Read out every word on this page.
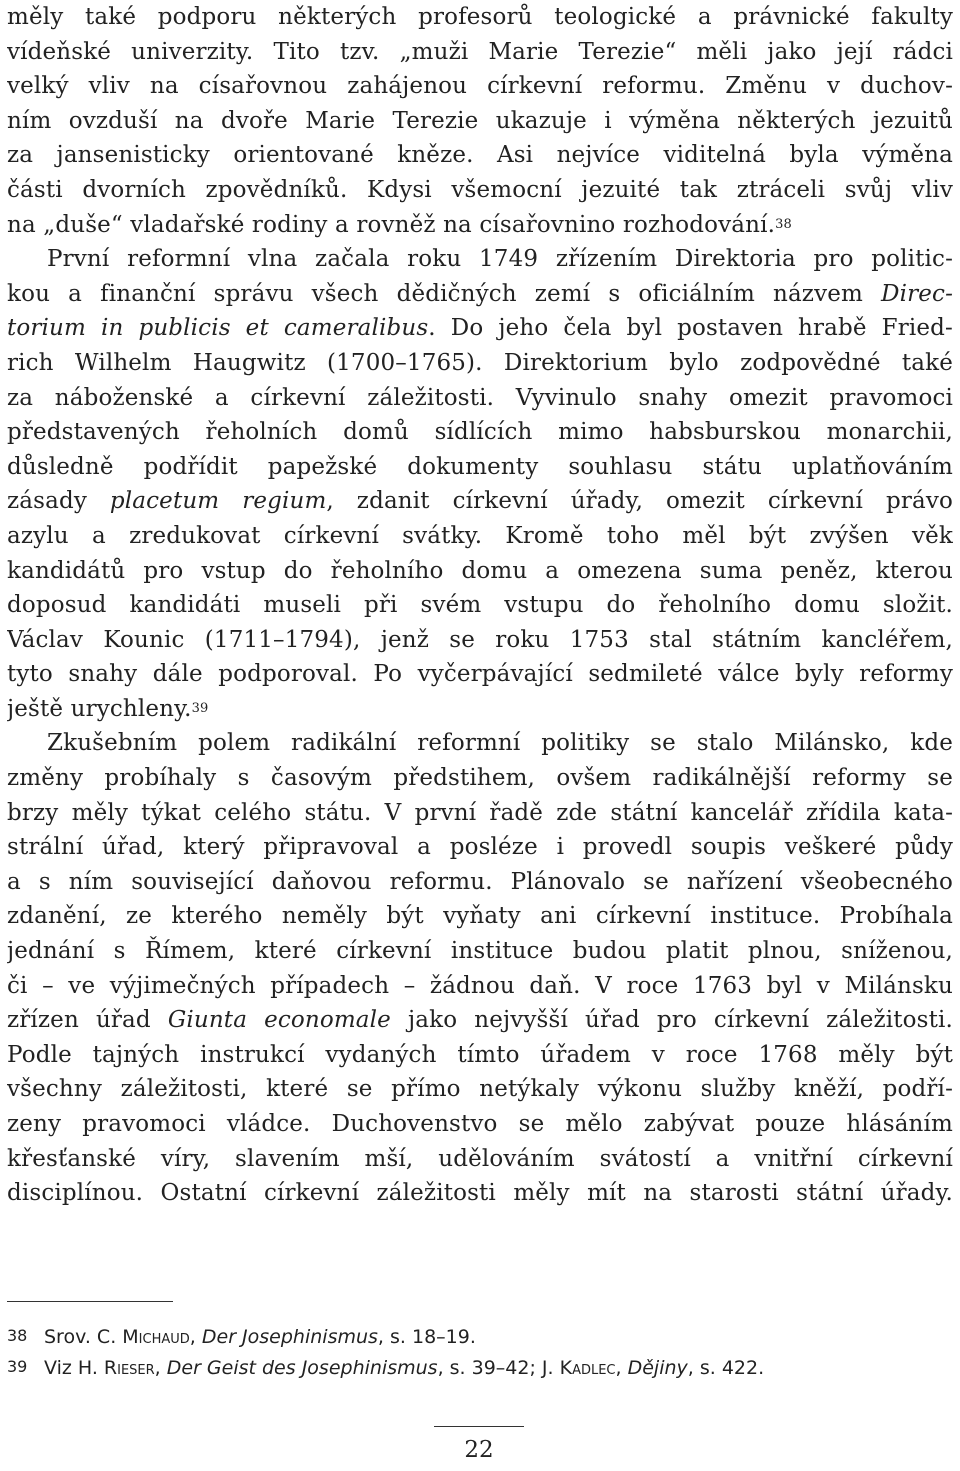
měly také podporu některých profesorů teologické a právnické fakulty
vídeňské univerzity. Tito tzv. „muži Marie Terezie“ měli jako její rádci
velký vliv na císařovnou zahájenou církevní reformu. Změnu v duchov-
ním ovzduší na dvoře Marie Terezie ukazuje i výměna některých jezuitů
za jansenisticky orientované kněze. Asi nejvíce viditelná byla výměna
části dvorních zpovědníků. Kdysi všemocní jezuité tak ztráceli svůj vliv
na „duše“ vladařské rodiny a rovněž na císařovnino rozhodování.$^{38}$
První reformní vlna začala roku 1749 zřízením Direktoria pro politic-
kou a finanční správu všech dědičných zemí s oficiálním názvem Direc-
torium in publicis et cameralibus. Do jeho čela byl postaven hrabě Fried-
rich Wilhelm Haugwitz (1700–1765). Direktorium bylo zodpovědné také
za náboženské a církevní záležitosti. Vyvinulo snahy omezit pravomoci
představených řeholních domů sídlících mimo habsburskou monarchii,
důsledně podřídit papežské dokumenty souhlasu státu uplatňováním
zásady placetum regium, zdanit církevní úřady, omezit církevní právo
azylu a zredukovat církevní svátky. Kromě toho měl být zvýšen věk
kandidátů pro vstup do řeholního domu a omezena suma peněz, kterou
doposud kandidáti museli při svém vstupu do řeholního domu složit.
Václav Kounic (1711–1794), jenž se roku 1753 stal státním kancléřem,
tyto snahy dále podporoval. Po vyčerpávající sedmileté válce byly reformy
ještě urychleny.$^{39}$
Zkušebním polem radikální reformní politiky se stalo Milánsko, kde
změny probíhaly s časovým předstihem, ovšem radikálnější reformy se
brzy měly týkat celého státu. V první řadě zde státní kancelář zřídila kata-
strální úřad, který připravoval a posléze i provedl soupis veškeré půdy
a s ním související daňovou reformu. Plánovalo se nařízení všeobecného
zdanění, ze kterého neměly být vyňaty ani církevní instituce. Probíhala
jednání s Římem, které církevní instituce budou platit plnou, sníženou,
či – ve výjimečných případech – žádnou daň. V roce 1763 byl v Milánsku
zřízen úřad Giunta economale jako nejvyšší úřad pro církevní záležitosti.
Podle tajných instrukcí vydaných tímto úřadem v roce 1768 měly být
všechny záležitosti, které se přímo netýkaly výkonu služby kněží, podří-
zeny pravomoci vládce. Duchovenstvo se mělo zabývat pouze hlásáním
křesťanské víry, slavením mší, udělováním svátostí a vnitřní církevní
disciplínou. Ostatní církevní záležitosti měly mít na starosti státní úřady.
38 Srov. C. Michaud, Der Josephinismus, s. 18–19.
39 Viz H. Rieser, Der Geist des Josephinismus, s. 39–42; J. Kadlec, Dějiny, s. 422.
22
